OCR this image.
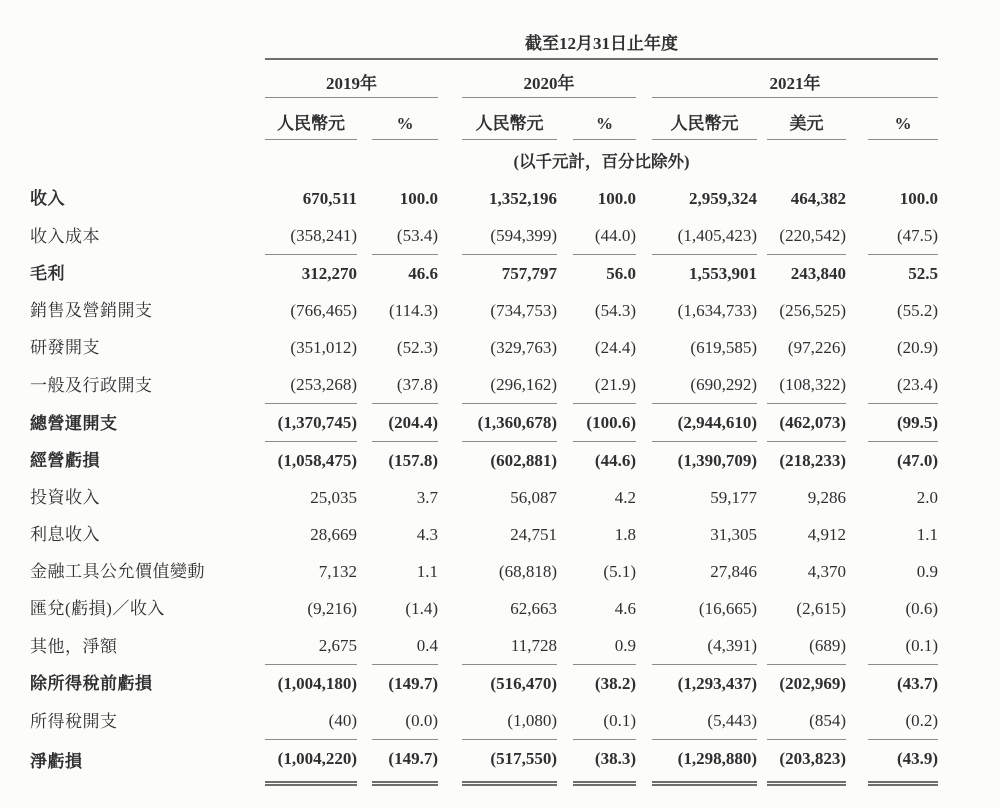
	截至12月31日止年度												
	2019年				2020年				2021年				
	人民幣元		%		人民幣元		%		人民幣元		美元		%
	(以千元計，百分比除外)												
收入	670,511		100.0		1,352,196		100.0		2,959,324		464,382		100.0
收入成本	(358,241)		(53.4)		(594,399)		(44.0)		(1,405,423)		(220,542)		(47.5)
毛利	312,270		46.6		757,797		56.0		1,553,901		243,840		52.5
銷售及營銷開支	(766,465)		(114.3)		(734,753)		(54.3)		(1,634,733)		(256,525)		(55.2)
研發開支	(351,012)		(52.3)		(329,763)		(24.4)		(619,585)		(97,226)		(20.9)
一般及行政開支	(253,268)		(37.8)		(296,162)		(21.9)		(690,292)		(108,322)		(23.4)
總營運開支	(1,370,745)		(204.4)		(1,360,678)		(100.6)		(2,944,610)		(462,073)		(99.5)
經營虧損	(1,058,475)		(157.8)		(602,881)		(44.6)		(1,390,709)		(218,233)		(47.0)
投資收入	25,035		3.7		56,087		4.2		59,177		9,286		2.0
利息收入	28,669		4.3		24,751		1.8		31,305		4,912		1.1
金融工具公允價值變動	7,132		1.1		(68,818)		(5.1)		27,846		4,370		0.9
匯兌(虧損)／收入	(9,216)		(1.4)		62,663		4.6		(16,665)		(2,615)		(0.6)
其他，淨額	2,675		0.4		11,728		0.9		(4,391)		(689)		(0.1)
除所得稅前虧損	(1,004,180)		(149.7)		(516,470)		(38.2)		(1,293,437)		(202,969)		(43.7)
所得稅開支	(40)		(0.0)		(1,080)		(0.1)		(5,443)		(854)		(0.2)
淨虧損	(1,004,220)		(149.7)		(517,550)		(38.3)		(1,298,880)		(203,823)		(43.9)
